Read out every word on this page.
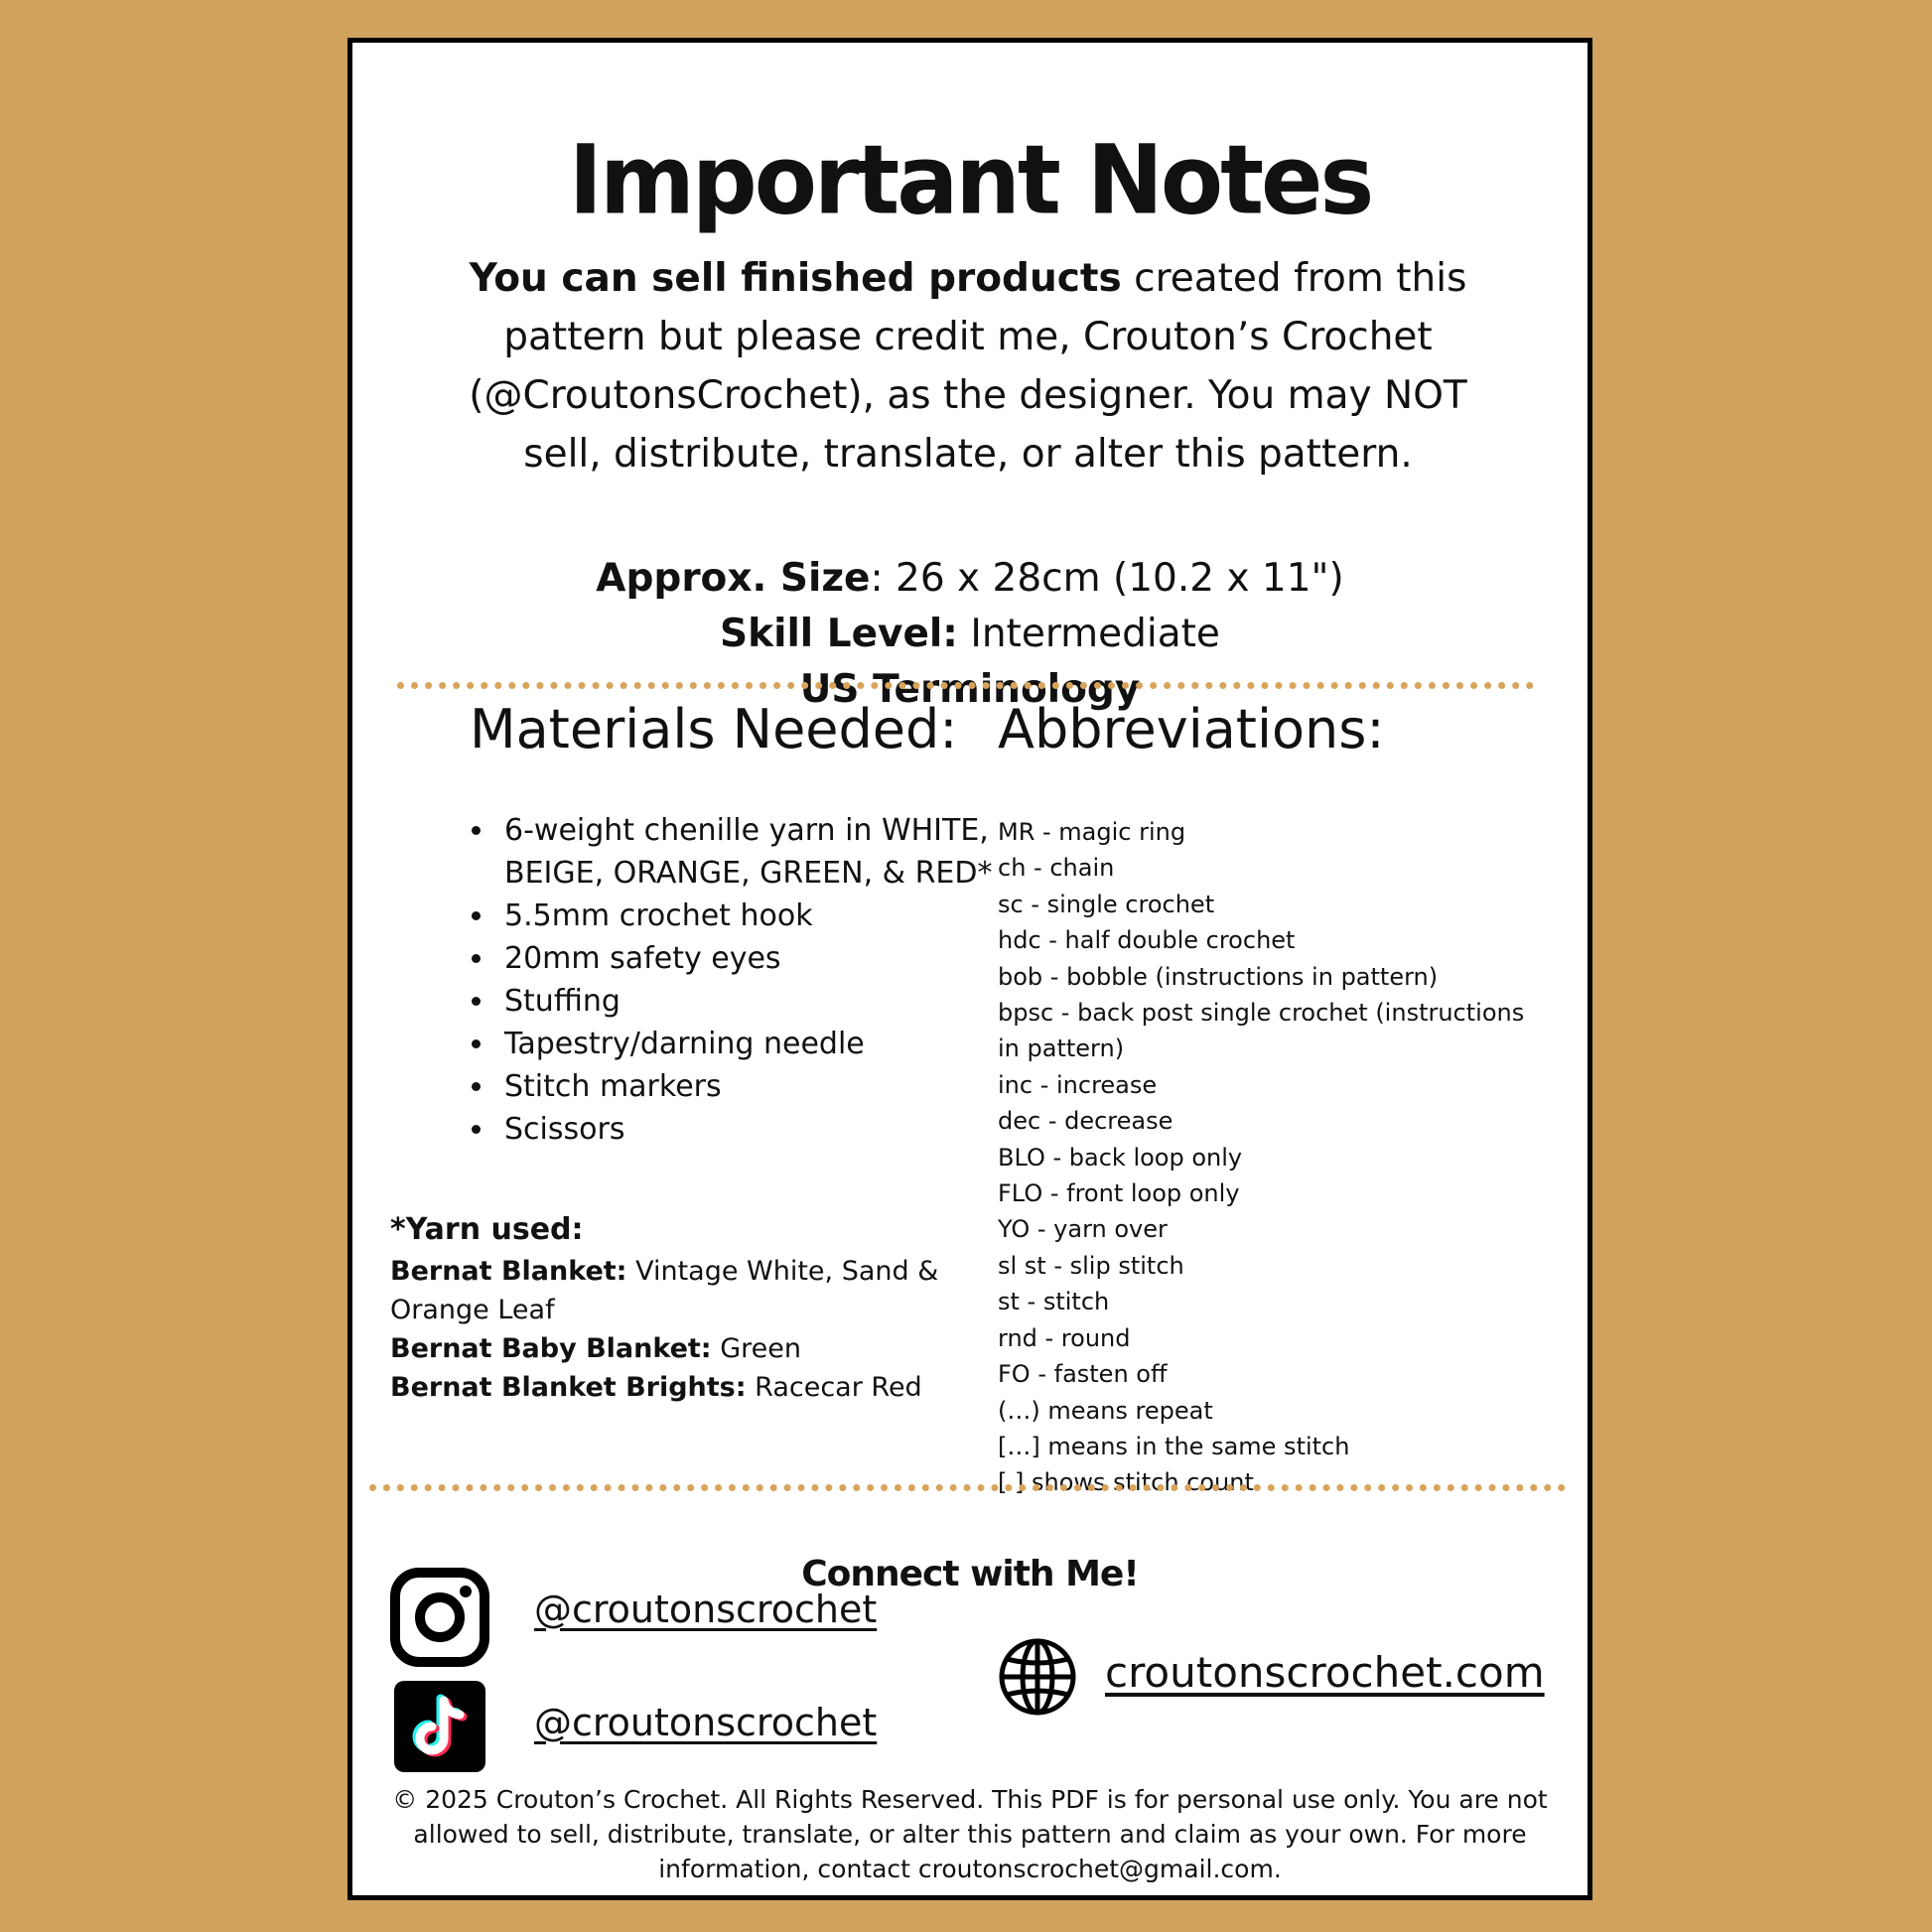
Important Notes
You can sell finished products created from this pattern but please credit me, Crouton’s Crochet (@CroutonsCrochet), as the designer. You may NOT sell, distribute, translate, or alter this pattern.
Approx. Size: 26 x 28cm (10.2 x 11")
Skill Level: Intermediate
US Terminology
Materials Needed:
• 6-weight chenille yarn in WHITE, BEIGE, ORANGE, GREEN, & RED*
• 5.5mm crochet hook
• 20mm safety eyes
• Stuffing
• Tapestry/darning needle
• Stitch markers
• Scissors
*Yarn used:
Bernat Blanket: Vintage White, Sand & Orange Leaf
Bernat Baby Blanket: Green
Bernat Blanket Brights: Racecar Red
Abbreviations:
MR - magic ring
ch - chain
sc - single crochet
hdc - half double crochet
bob - bobble (instructions in pattern)
bpsc - back post single crochet (instructions
in pattern)
inc - increase
dec - decrease
BLO - back loop only
FLO - front loop only
YO - yarn over
sl st - slip stitch
st - stitch
rnd - round
FO - fasten off
(…) means repeat
[…] means in the same stitch
[ ] shows stitch count
Connect with Me!
@croutonscrochet
@croutonscrochet
croutonscrochet.com
© 2025 Crouton’s Crochet. All Rights Reserved. This PDF is for personal use only. You are not allowed to sell, distribute, translate, or alter this pattern and claim as your own. For more information, contact croutonscrochet@gmail.com.
